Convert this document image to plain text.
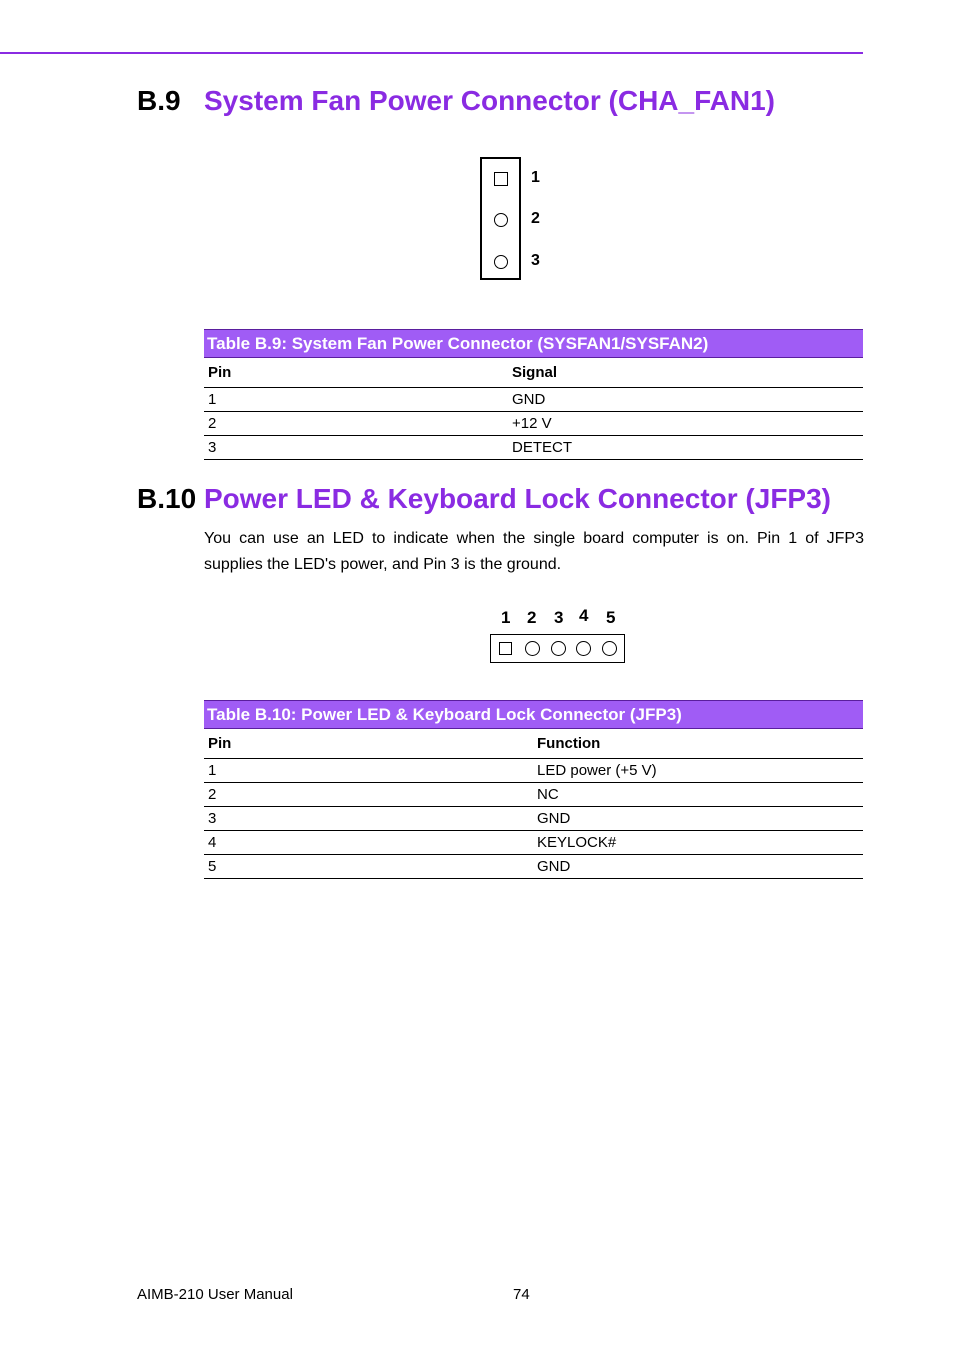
B.9 System Fan Power Connector (CHA_FAN1)
1
2
3
Table B.9: System Fan Power Connector (SYSFAN1/SYSFAN2)
Pin	Signal
1	GND
2	+12 V
3	DETECT
B.10 Power LED & Keyboard Lock Connector (JFP3)
You can use an LED to indicate when the single board computer is on. Pin 1 of JFP3 supplies the LED's power, and Pin 3 is the ground.
1 2 3 4 5
Table B.10: Power LED & Keyboard Lock Connector (JFP3)
Pin	Function
1	LED power (+5 V)
2	NC
3	GND
4	KEYLOCK#
5	GND
AIMB-210 User Manual	74
